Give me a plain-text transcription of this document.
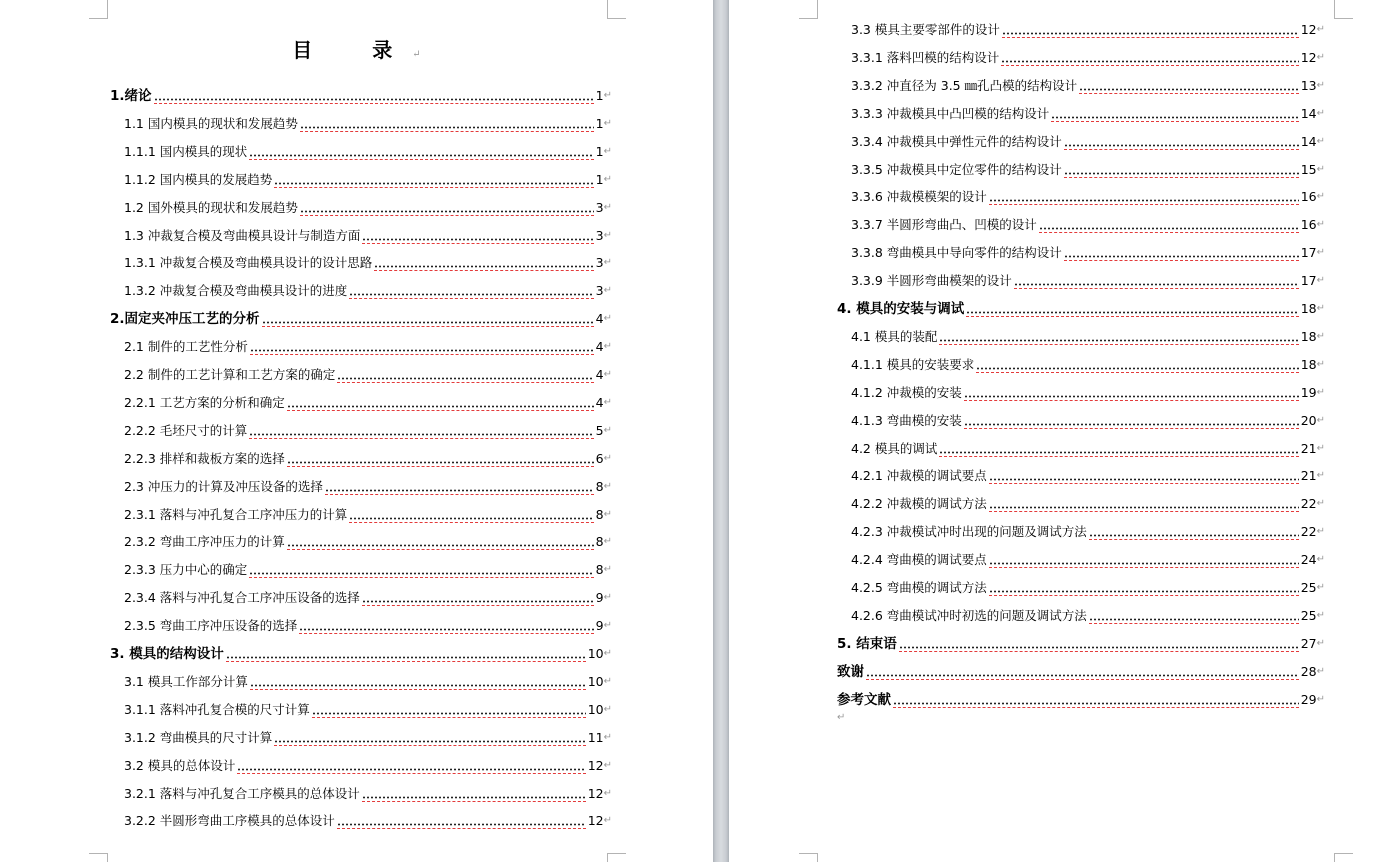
目　录↵
1.绪论	1 ↵
1.1 国内模具的现状和发展趋势	1 ↵
1.1.1 国内模具的现状	1 ↵
1.1.2 国内模具的发展趋势	1 ↵
1.2 国外模具的现状和发展趋势	3 ↵
1.3 冲裁复合模及弯曲模具设计与制造方面	3 ↵
1.3.1 冲裁复合模及弯曲模具设计的设计思路	3 ↵
1.3.2 冲裁复合模及弯曲模具设计的进度	3 ↵
2.固定夹冲压工艺的分析	4 ↵
2.1 制件的工艺性分析	4 ↵
2.2 制件的工艺计算和工艺方案的确定	4 ↵
2.2.1 工艺方案的分析和确定	4 ↵
2.2.2 毛坯尺寸的计算	5 ↵
2.2.3 排样和裁板方案的选择	6 ↵
2.3 冲压力的计算及冲压设备的选择	8 ↵
2.3.1 落料与冲孔复合工序冲压力的计算	8 ↵
2.3.2 弯曲工序冲压力的计算	8 ↵
2.3.3 压力中心的确定	8 ↵
2.3.4 落料与冲孔复合工序冲压设备的选择	9 ↵
2.3.5 弯曲工序冲压设备的选择	9 ↵
3. 模具的结构设计	10 ↵
3.1 模具工作部分计算	10 ↵
3.1.1 落料冲孔复合模的尺寸计算	10 ↵
3.1.2 弯曲模具的尺寸计算	11 ↵
3.2 模具的总体设计	12 ↵
3.2.1 落料与冲孔复合工序模具的总体设计	12 ↵
3.2.2 半圆形弯曲工序模具的总体设计	12 ↵
3.3 模具主要零部件的设计	12 ↵
3.3.1 落料凹模的结构设计	12 ↵
3.3.2 冲直径为 3.5 ㎜孔凸模的结构设计	13 ↵
3.3.3 冲裁模具中凸凹模的结构设计	14 ↵
3.3.4 冲裁模具中弹性元件的结构设计	14 ↵
3.3.5 冲裁模具中定位零件的结构设计	15 ↵
3.3.6 冲裁模模架的设计	16 ↵
3.3.7 半圆形弯曲凸、凹模的设计	16 ↵
3.3.8 弯曲模具中导向零件的结构设计	17 ↵
3.3.9 半圆形弯曲模架的设计	17 ↵
4. 模具的安装与调试	18 ↵
4.1 模具的装配	18 ↵
4.1.1 模具的安装要求	18 ↵
4.1.2 冲裁模的安装	19 ↵
4.1.3 弯曲模的安装	20 ↵
4.2 模具的调试	21 ↵
4.2.1 冲裁模的调试要点	21 ↵
4.2.2 冲裁模的调试方法	22 ↵
4.2.3 冲裁模试冲时出现的问题及调试方法	22 ↵
4.2.4 弯曲模的调试要点	24 ↵
4.2.5 弯曲模的调试方法	25 ↵
4.2.6 弯曲模试冲时初选的问题及调试方法	25 ↵
5. 结束语	27 ↵
致谢	28 ↵
参考文献	29 ↵
↵
